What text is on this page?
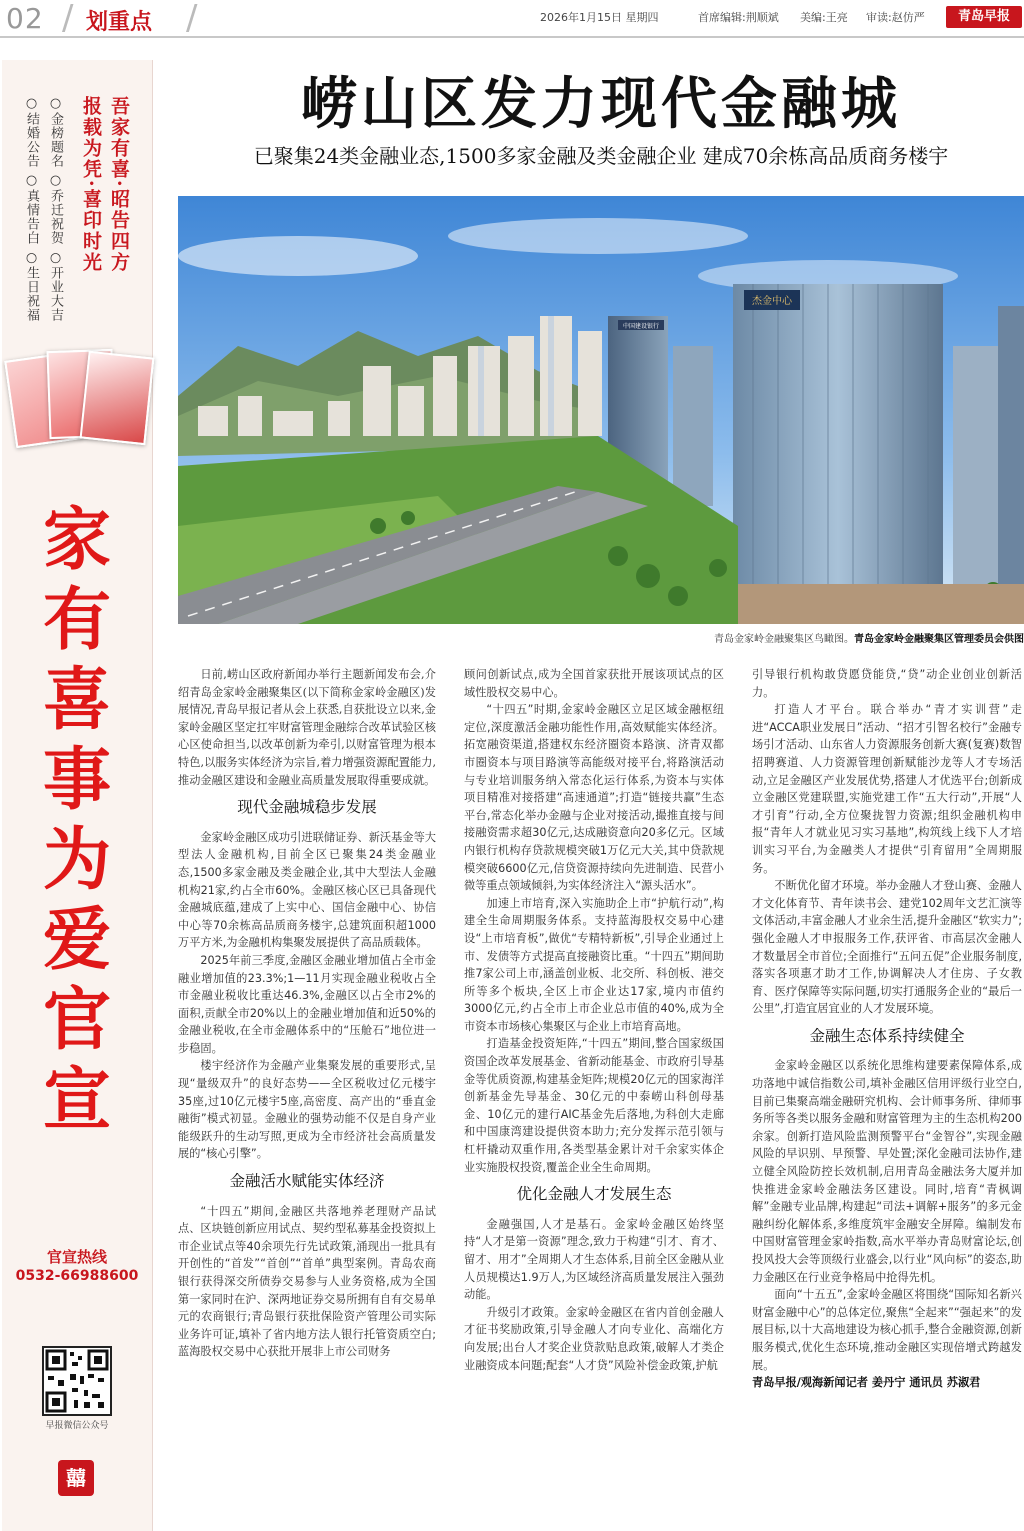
02 / 划重点 /	2026年1月15日 星期四	首席编辑:荆顺斌 美编:王亮 审读:赵仿严	青岛早报
吾家有喜·昭告四方
报载为凭·喜印时光
○金榜题名 ○乔迁祝贺 ○开业大吉
○结婚公告 ○真情告白 ○生日祝福
家有喜事 为爱官宣
官宣热线
0532-66988600
早报微信公众号
囍
崂山区发力现代金融城
已聚集24类金融业态,1500多家金融及类金融企业 建成70余栋高品质商务楼宇
杰金中心
中国建设银行
青岛金家岭金融聚集区鸟瞰图。青岛金家岭金融聚集区管理委员会供图

日前,崂山区政府新闻办举行主题新闻发布会,介绍青岛金家岭金融聚集区(以下简称金家岭金融区)发展情况,青岛早报记者从会上获悉,自获批设立以来,金家岭金融区坚定扛牢财富管理金融综合改革试验区核心区使命担当,以改革创新为牵引,以财富管理为根本特色,以服务实体经济为宗旨,着力增强资源配置能力,推动金融区建设和金融业高质量发展取得重要成就。

现代金融城稳步发展

金家岭金融区成功引进联储证券、新沃基金等大型法人金融机构,目前全区已聚集24类金融业态,1500多家金融及类金融企业,其中大型法人金融机构21家,约占全市60%。金融区核心区已具备现代金融城底蕴,建成了上实中心、国信金融中心、协信中心等70余栋高品质商务楼宇,总建筑面积超1000万平方米,为金融机构集聚发展提供了高品质载体。

2025年前三季度,金融区金融业增加值占全市金融业增加值的23.3%;1—11月实现金融业税收占全市金融业税收比重达46.3%,金融区以占全市2%的面积,贡献全市20%以上的金融业增加值和近50%的金融业税收,在全市金融体系中的“压舱石”地位进一步稳固。

楼宇经济作为金融产业集聚发展的重要形式,呈现“量级双升”的良好态势——全区税收过亿元楼宇35座,过10亿元楼宇5座,高密度、高产出的“垂直金融街”模式初显。金融业的强势动能不仅是自身产业能级跃升的生动写照,更成为全市经济社会高质量发展的“核心引擎”。

金融活水赋能实体经济

“十四五”期间,金融区共落地养老理财产品试点、区块链创新应用试点、契约型私募基金投资拟上市企业试点等40余项先行先试政策,涌现出一批具有开创性的“首发”“首创”“首单”典型案例。青岛农商银行获得深交所债券交易参与人业务资格,成为全国第一家同时在沪、深两地证券交易所拥有自有交易单元的农商银行;青岛银行获批保险资产管理公司实际业务许可证,填补了省内地方法人银行托管资质空白;蓝海股权交易中心获批开展非上市公司财务

顾问创新试点,成为全国首家获批开展该项试点的区域性股权交易中心。

“十四五”时期,金家岭金融区立足区域金融枢纽定位,深度激活金融功能性作用,高效赋能实体经济。拓宽融资渠道,搭建权东经济圈资本路演、济青双都市圈资本与项目路演等高能级对接平台,将路演活动与专业培训服务纳入常态化运行体系,为资本与实体项目精准对接搭建“高速通道”;打造“链接共赢”生态平台,常态化举办金融与企业对接活动,撮推直接与间接融资需求超30亿元,达成融资意向20多亿元。区域内银行机构存贷款规模突破1万亿元大关,其中贷款规模突破6600亿元,信贷资源持续向先进制造、民营小微等重点领域倾斜,为实体经济注入“源头活水”。

加速上市培育,深入实施助企上市“护航行动”,构建全生命周期服务体系。支持蓝海股权交易中心建设“上市培育板”,做优“专精特新板”,引导企业通过上市、发债等方式提高直接融资比重。“十四五”期间助推7家公司上市,涵盖创业板、北交所、科创板、港交所等多个板块,全区上市企业达17家,境内市值约3000亿元,约占全市上市企业总市值的40%,成为全市资本市场核心集聚区与企业上市培育高地。

打造基金投资矩阵,“十四五”期间,整合国家级国资国企改革发展基金、省新动能基金、市政府引导基金等优质资源,构建基金矩阵;规模20亿元的国家海洋创新基金先导基金、30亿元的中泰崂山科创母基金、10亿元的建行AIC基金先后落地,为科创大走廊和中国康湾建设提供资本助力;充分发挥示范引领与杠杆撬动双重作用,各类型基金累计对千余家实体企业实施股权投资,覆盖企业全生命周期。

优化金融人才发展生态

金融强国,人才是基石。金家岭金融区始终坚持“人才是第一资源”理念,致力于构建“引才、育才、留才、用才”全周期人才生态体系,目前全区金融从业人员规模达1.9万人,为区域经济高质量发展注入强劲动能。

升级引才政策。金家岭金融区在省内首创金融人才征书奖励政策,引导金融人才向专业化、高端化方向发展;出台人才奖企业贷款贴息政策,破解人才类企业融资成本问题;配套“人才贷”风险补偿金政策,护航

引导银行机构敢贷愿贷能贷,“贷”动企业创业创新活力。

打造人才平台。联合举办“青才实训营”走进“ACCA职业发展日”活动、“招才引智名校行”金融专场引才活动、山东省人力资源服务创新大赛(复赛)数智招聘赛道、人力资源管理创新赋能沙龙等人才专场活动,立足金融区产业发展优势,搭建人才优选平台;创新成立金融区党建联盟,实施党建工作“五大行动”,开展“人才引育”行动,全方位聚拢智力资源;组织金融机构申报“青年人才就业见习实习基地”,构筑线上线下人才培训实习平台,为金融类人才提供“引育留用”全周期服务。

不断优化留才环境。举办金融人才登山赛、金融人才文化体育节、青年读书会、建党102周年文艺汇演等文体活动,丰富金融人才业余生活,提升金融区“软实力”;强化金融人才申报服务工作,获评省、市高层次金融人才数量居全市首位;全面推行“五问五促”企业服务制度,落实各项惠才助才工作,协调解决人才住房、子女教育、医疗保障等实际问题,切实打通服务企业的“最后一公里”,打造宜居宜业的人才发展环境。

金融生态体系持续健全

金家岭金融区以系统化思维构建要素保障体系,成功落地中诚信指数公司,填补金融区信用评级行业空白,目前已集聚高端金融研究机构、会计师事务所、律师事务所等各类以服务金融和财富管理为主的生态机构200余家。创新打造风险监测预警平台“金智谷”,实现金融风险的早识别、早预警、早处置;深化金融司法协作,建立健全风险防控长效机制,启用青岛金融法务大厦并加快推进金家岭金融法务区建设。同时,培育“青枫调解”金融专业品牌,构建起“司法+调解+服务”的多元金融纠纷化解体系,多维度筑牢金融安全屏障。编制发布中国财富管理金家岭指数,高水平举办青岛财富论坛,创投风投大会等顶级行业盛会,以行业“风向标”的姿态,助力金融区在行业竞争格局中抢得先机。

面向“十五五”,金家岭金融区将围绕“国际知名新兴财富金融中心”的总体定位,聚焦“全起来”“强起来”的发展目标,以十大高地建设为核心抓手,整合金融资源,创新服务模式,优化生态环境,推动金融区实现倍增式跨越发展。

青岛早报/观海新闻记者 姜丹宁 通讯员 苏淑君
